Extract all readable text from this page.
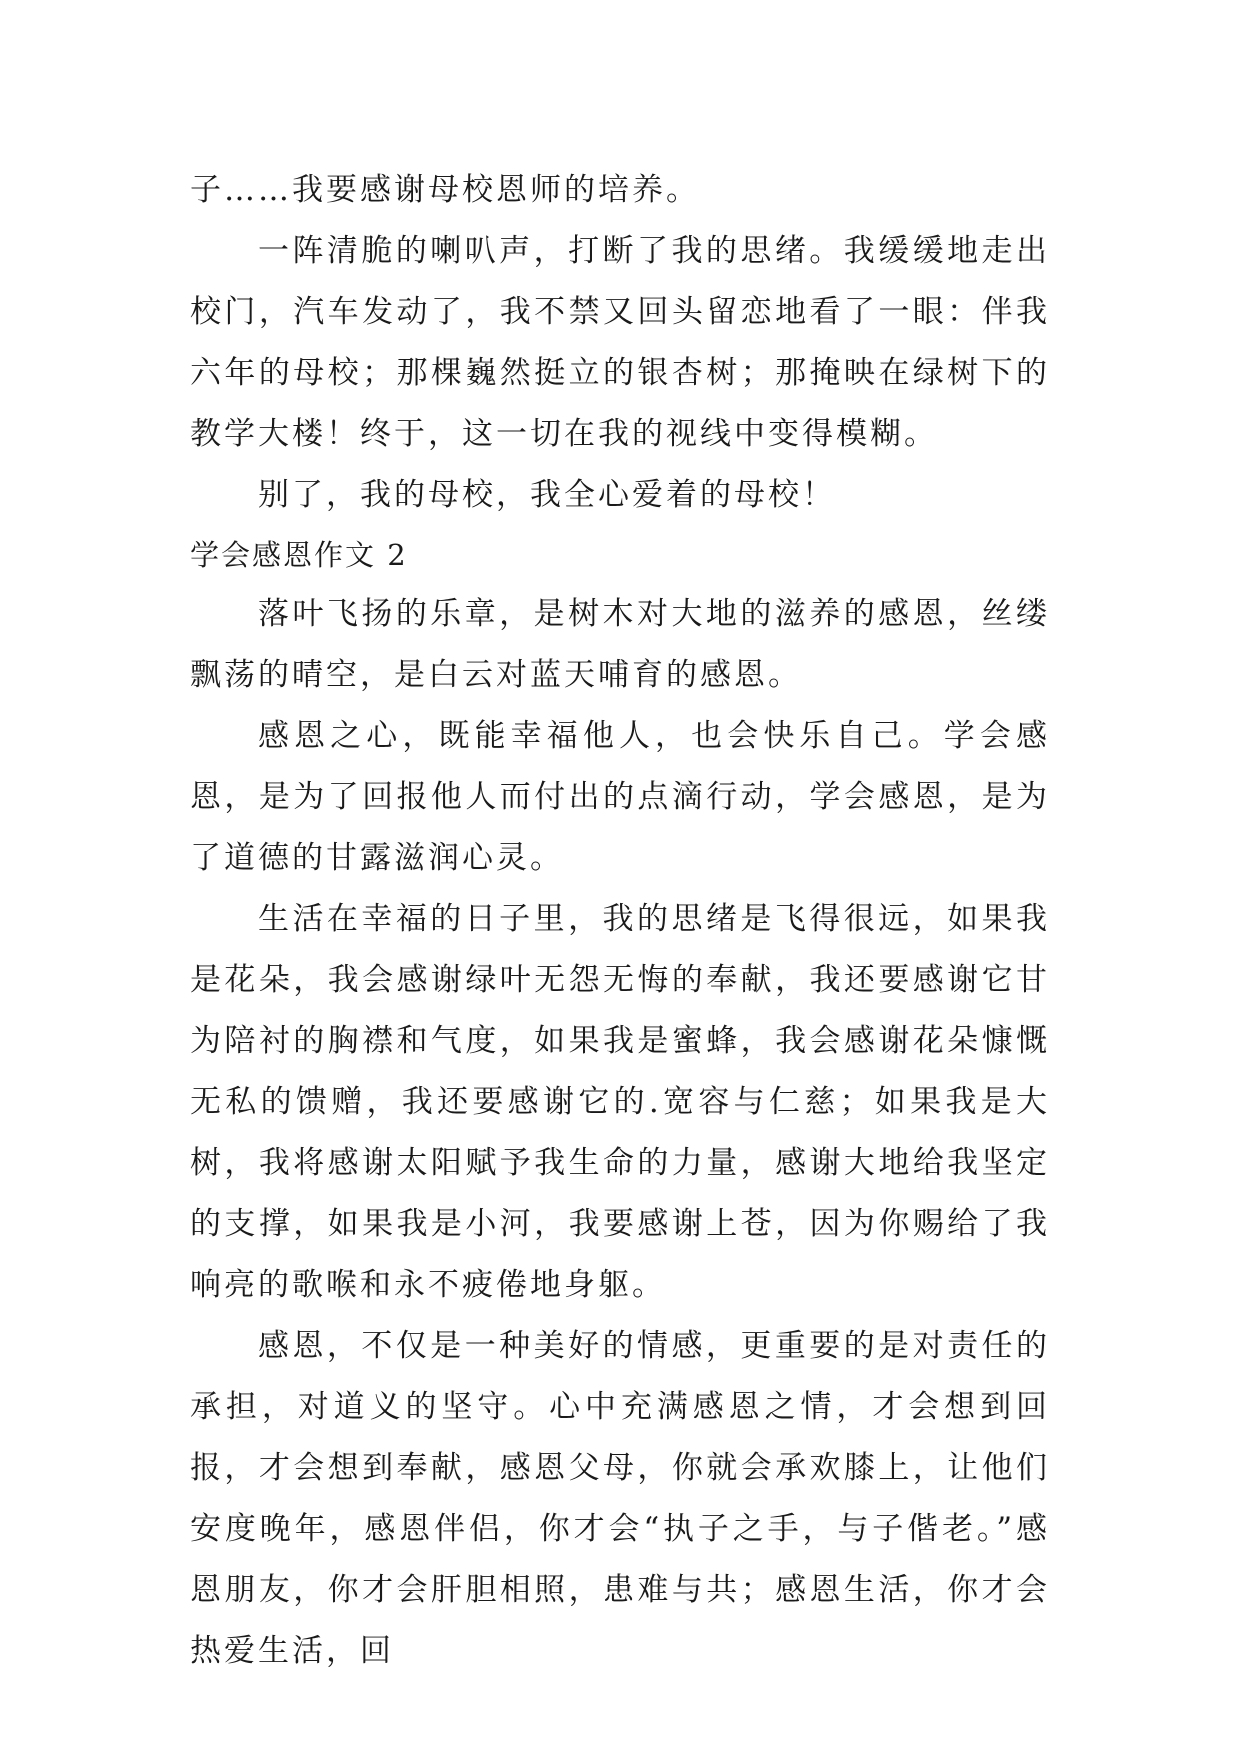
子……我要感谢母校恩师的培养。

一阵清脆的喇叭声，打断了我的思绪。我缓缓地走出校门，汽车发动了，我不禁又回头留恋地看了一眼：伴我六年的母校；那棵巍然挺立的银杏树；那掩映在绿树下的教学大楼！终于，这一切在我的视线中变得模糊。

别了，我的母校，我全心爱着的母校！

学会感恩作文 2

落叶飞扬的乐章，是树木对大地的滋养的感恩，丝缕飘荡的晴空，是白云对蓝天哺育的感恩。

感恩之心，既能幸福他人，也会快乐自己。学会感恩，是为了回报他人而付出的点滴行动，学会感恩，是为了道德的甘露滋润心灵。

生活在幸福的日子里，我的思绪是飞得很远，如果我是花朵，我会感谢绿叶无怨无悔的奉献，我还要感谢它甘为陪衬的胸襟和气度，如果我是蜜蜂，我会感谢花朵慷慨无私的馈赠，我还要感谢它的.宽容与仁慈；如果我是大树，我将感谢太阳赋予我生命的力量，感谢大地给我坚定的支撑，如果我是小河，我要感谢上苍，因为你赐给了我响亮的歌喉和永不疲倦地身躯。

感恩，不仅是一种美好的情感，更重要的是对责任的承担，对道义的坚守。心中充满感恩之情，才会想到回报，才会想到奉献，感恩父母，你就会承欢膝上，让他们安度晚年，感恩伴侣，你才会“执子之手，与子偕老。”感恩朋友，你才会肝胆相照，患难与共；感恩生活，你才会热爱生活，回
